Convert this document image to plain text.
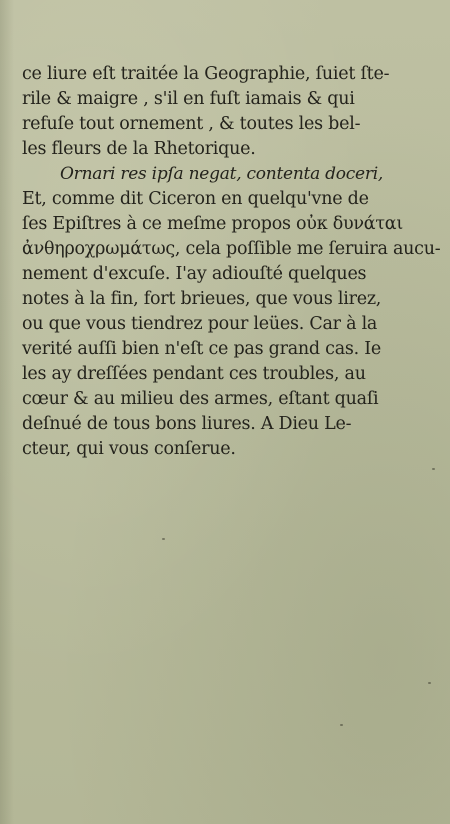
ce liure eſt traitée la Geographie, ſuiet ſte-
rile & maigre , s'il en fuſt iamais & qui
refuſe tout ornement , & toutes les bel-
les fleurs de la Rhetorique.
Ornari res ipſa negat, contenta doceri,
Et, comme dit Ciceron en quelqu'vne de
ſes Epiſtres à ce meſme propos οὐκ δυνάται
ἀνθηροχρωμάτως, cela poſſible me ſeruira aucu-
nement d'excuſe. I'ay adiouſté quelques
notes à la fin, fort brieues, que vous lirez,
ou que vous tiendrez pour leües. Car à la
verité auſſi bien n'eſt ce pas grand cas. Ie
les ay dreſſées pendant ces troubles, au
cœur & au milieu des armes, eſtant quaſi
deſnué de tous bons liures. A Dieu Le-
ctеur, qui vous conſerue.
